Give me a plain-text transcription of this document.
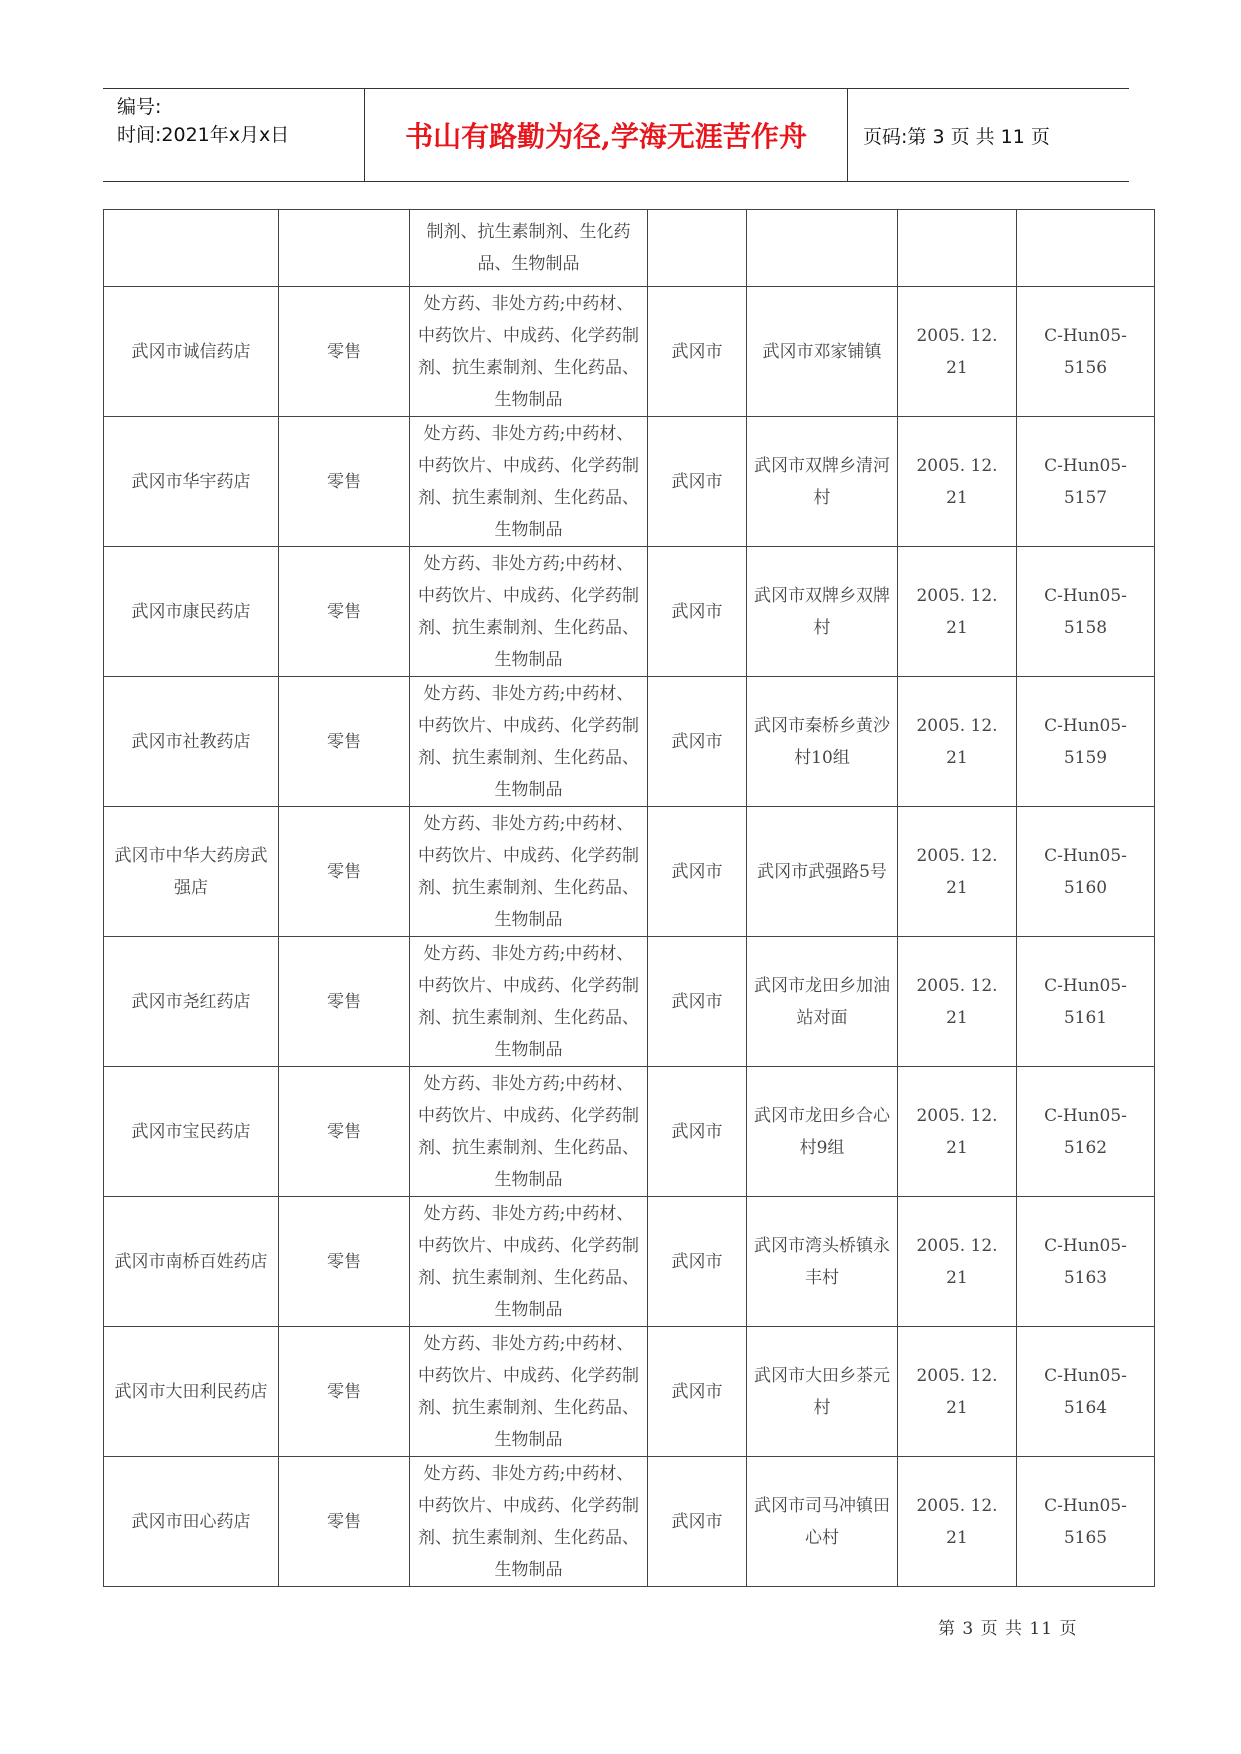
编号:
时间:2021年x月x日	书山有路勤为径,学海无涯苦作舟	页码:第 3 页 共 11 页
		制剂、抗生素制剂、生化药品、生物制品				
武冈市诚信药店	零售	处方药、非处方药;中药材、中药饮片、中成药、化学药制剂、抗生素制剂、生化药品、生物制品	武冈市	武冈市邓家铺镇	2005. 12. 21	C-Hun05-5156
武冈市华宇药店	零售	处方药、非处方药;中药材、中药饮片、中成药、化学药制剂、抗生素制剂、生化药品、生物制品	武冈市	武冈市双牌乡清河村	2005. 12. 21	C-Hun05-5157
武冈市康民药店	零售	处方药、非处方药;中药材、中药饮片、中成药、化学药制剂、抗生素制剂、生化药品、生物制品	武冈市	武冈市双牌乡双牌村	2005. 12. 21	C-Hun05-5158
武冈市社教药店	零售	处方药、非处方药;中药材、中药饮片、中成药、化学药制剂、抗生素制剂、生化药品、生物制品	武冈市	武冈市秦桥乡黄沙村10组	2005. 12. 21	C-Hun05-5159
武冈市中华大药房武强店	零售	处方药、非处方药;中药材、中药饮片、中成药、化学药制剂、抗生素制剂、生化药品、生物制品	武冈市	武冈市武强路5号	2005. 12. 21	C-Hun05-5160
武冈市尧红药店	零售	处方药、非处方药;中药材、中药饮片、中成药、化学药制剂、抗生素制剂、生化药品、生物制品	武冈市	武冈市龙田乡加油站对面	2005. 12. 21	C-Hun05-5161
武冈市宝民药店	零售	处方药、非处方药;中药材、中药饮片、中成药、化学药制剂、抗生素制剂、生化药品、生物制品	武冈市	武冈市龙田乡合心村9组	2005. 12. 21	C-Hun05-5162
武冈市南桥百姓药店	零售	处方药、非处方药;中药材、中药饮片、中成药、化学药制剂、抗生素制剂、生化药品、生物制品	武冈市	武冈市湾头桥镇永丰村	2005. 12. 21	C-Hun05-5163
武冈市大田利民药店	零售	处方药、非处方药;中药材、中药饮片、中成药、化学药制剂、抗生素制剂、生化药品、生物制品	武冈市	武冈市大田乡茶元村	2005. 12. 21	C-Hun05-5164
武冈市田心药店	零售	处方药、非处方药;中药材、中药饮片、中成药、化学药制剂、抗生素制剂、生化药品、生物制品	武冈市	武冈市司马冲镇田心村	2005. 12. 21	C-Hun05-5165
第 3 页 共 11 页
